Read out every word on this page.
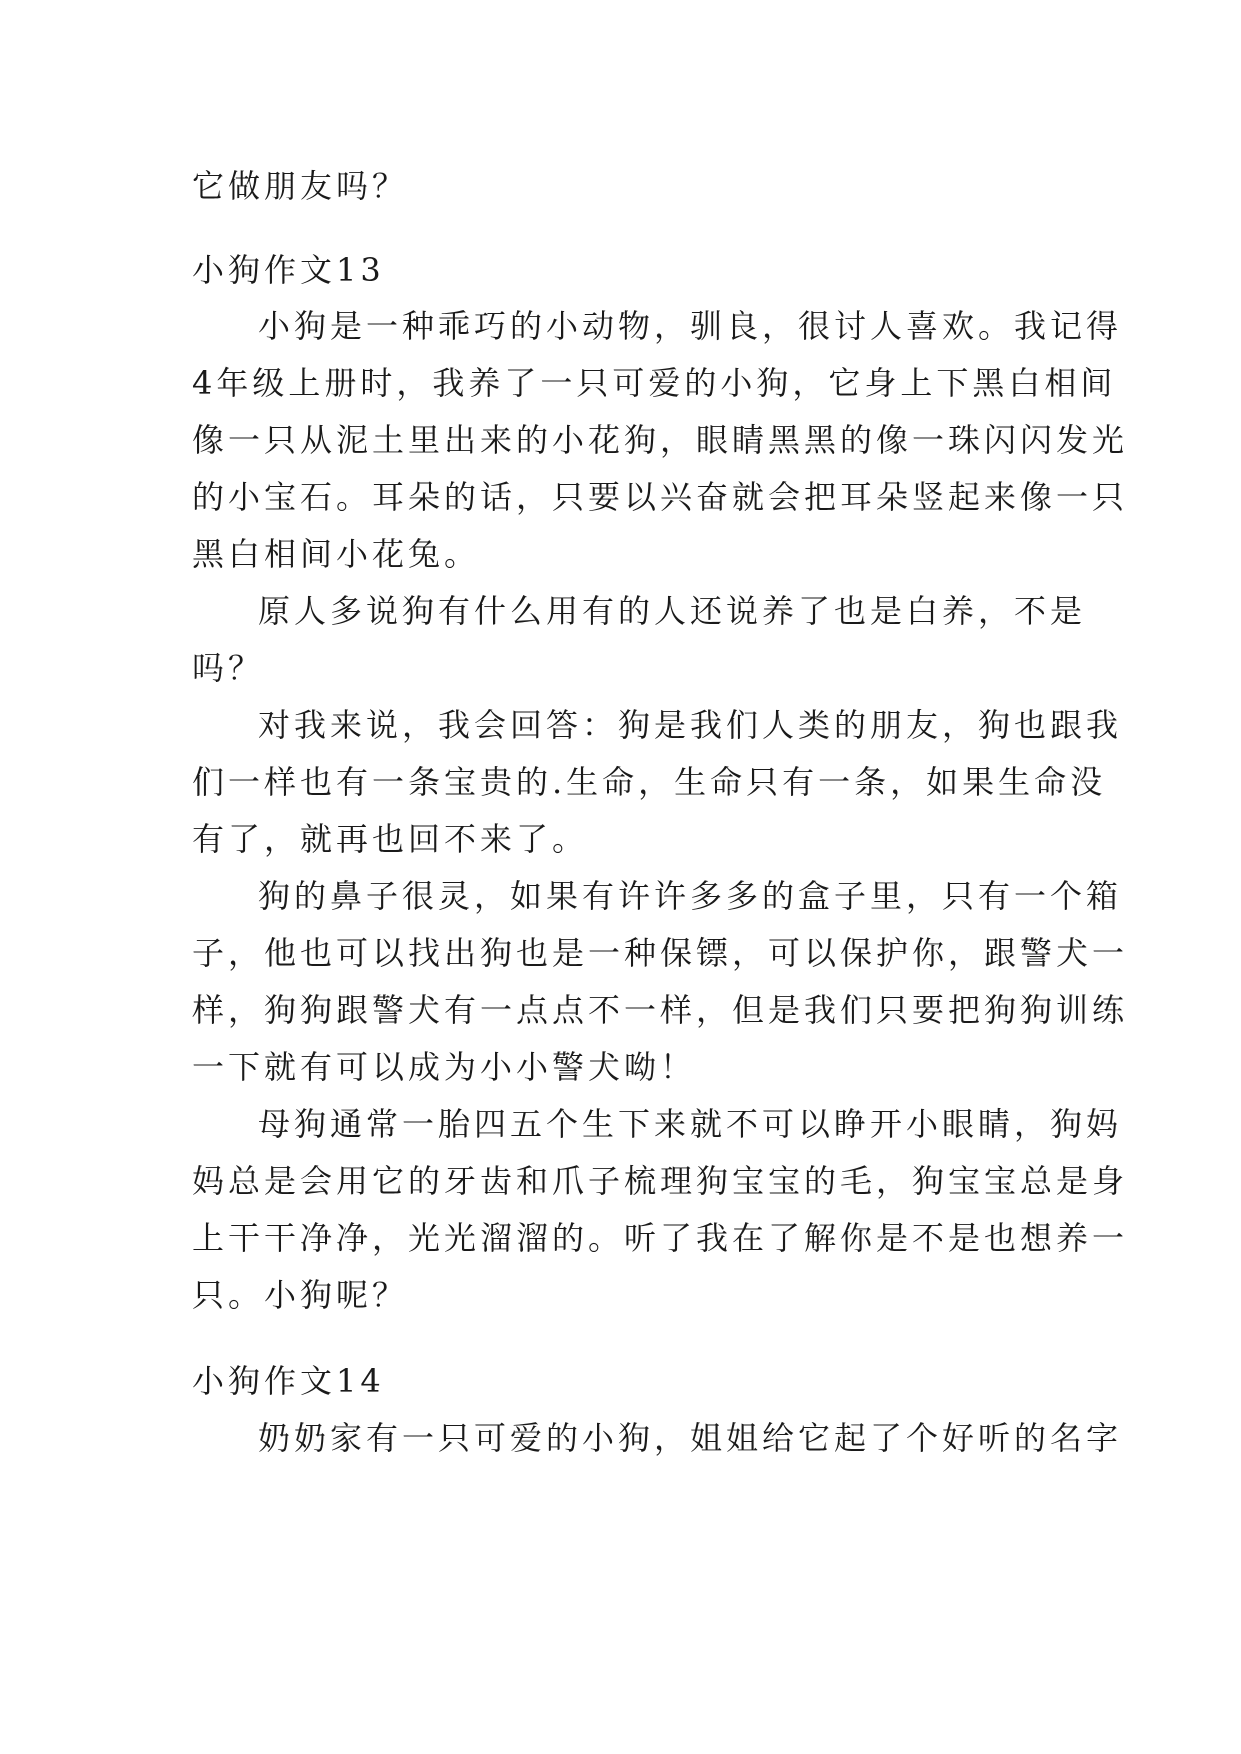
它做朋友吗？
小狗作文13
小狗是一种乖巧的小动物，驯良，很讨人喜欢。我记得
4年级上册时，我养了一只可爱的小狗，它身上下黑白相间
像一只从泥土里出来的小花狗，眼睛黑黑的像一珠闪闪发光
的小宝石。耳朵的话，只要以兴奋就会把耳朵竖起来像一只
黑白相间小花兔。
原人多说狗有什么用有的人还说养了也是白养，不是
吗？
对我来说，我会回答：狗是我们人类的朋友，狗也跟我
们一样也有一条宝贵的.生命，生命只有一条，如果生命没
有了，就再也回不来了。
狗的鼻子很灵，如果有许许多多的盒子里，只有一个箱
子，他也可以找出狗也是一种保镖，可以保护你，跟警犬一
样，狗狗跟警犬有一点点不一样，但是我们只要把狗狗训练
一下就有可以成为小小警犬呦！
母狗通常一胎四五个生下来就不可以睁开小眼睛，狗妈
妈总是会用它的牙齿和爪子梳理狗宝宝的毛，狗宝宝总是身
上干干净净，光光溜溜的。听了我在了解你是不是也想养一
只。小狗呢？
小狗作文14
奶奶家有一只可爱的小狗，姐姐给它起了个好听的名字
